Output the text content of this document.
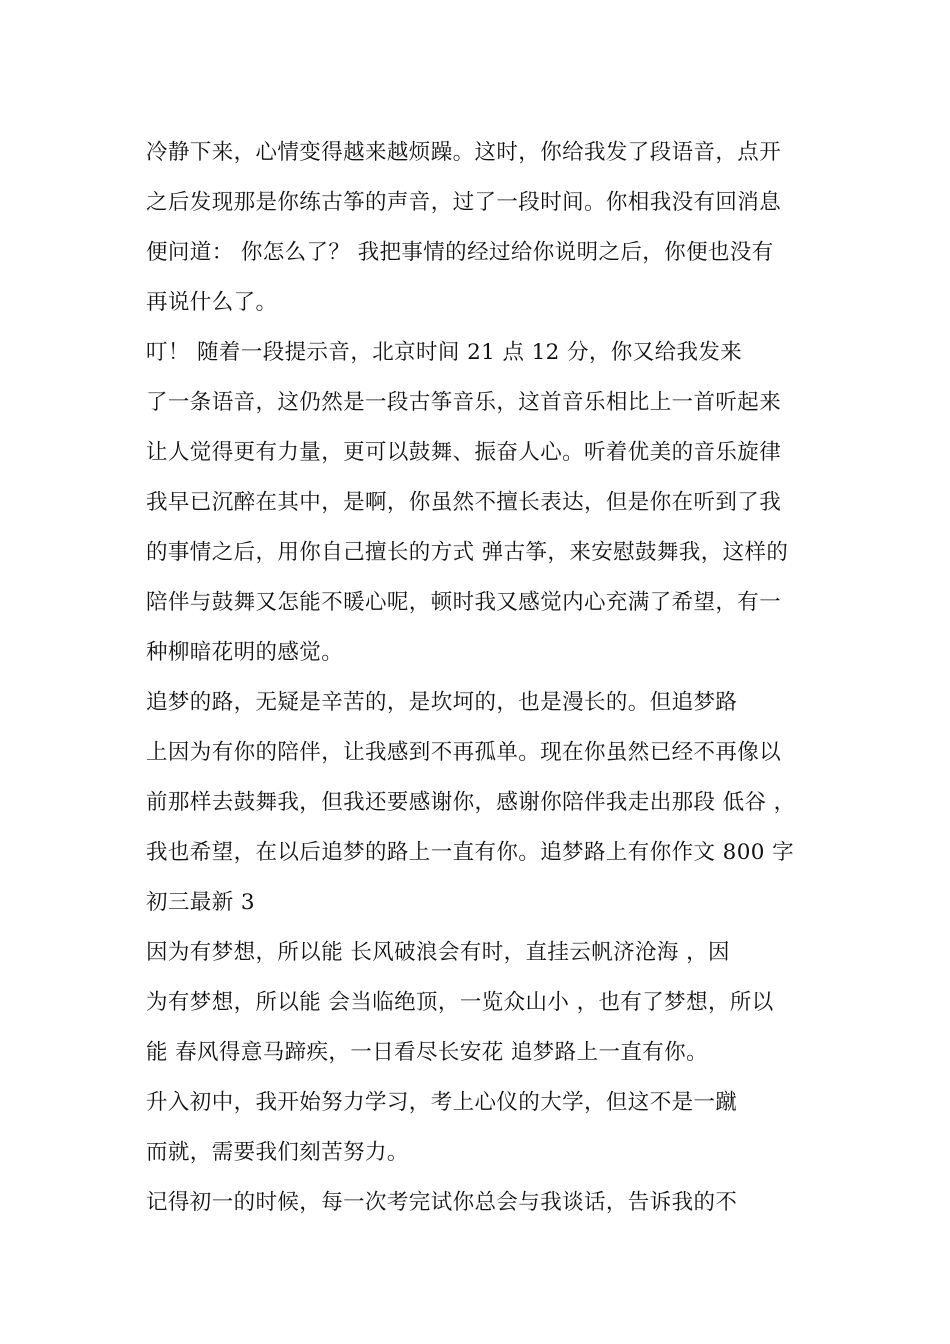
冷静下来，心情变得越来越烦躁。这时，你给我发了段语音，点开
之后发现那是你练古筝的声音，过了一段时间。你相我没有回消息
便问道： 你怎么了？ 我把事情的经过给你说明之后，你便也没有
再说什么了。
叮！ 随着一段提示音，北京时间 21 点 12 分，你又给我发来
了一条语音，这仍然是一段古筝音乐，这首音乐相比上一首听起来
让人觉得更有力量，更可以鼓舞、振奋人心。听着优美的音乐旋律
我早已沉醉在其中，是啊，你虽然不擅长表达，但是你在听到了我
的事情之后，用你自己擅长的方式 弹古筝，来安慰鼓舞我，这样的
陪伴与鼓舞又怎能不暖心呢，顿时我又感觉内心充满了希望，有一
种柳暗花明的感觉。
追梦的路，无疑是辛苦的，是坎坷的，也是漫长的。但追梦路
上因为有你的陪伴，让我感到不再孤单。现在你虽然已经不再像以
前那样去鼓舞我，但我还要感谢你，感谢你陪伴我走出那段 低谷 ，
我也希望，在以后追梦的路上一直有你。追梦路上有你作文 800 字
初三最新 3
因为有梦想，所以能 长风破浪会有时，直挂云帆济沧海 ，因
为有梦想，所以能 会当临绝顶，一览众山小 ，也有了梦想，所以
能 春风得意马蹄疾，一日看尽长安花 追梦路上一直有你。
升入初中，我开始努力学习，考上心仪的大学，但这不是一蹴
而就，需要我们刻苦努力。
记得初一的时候，每一次考完试你总会与我谈话，告诉我的不
